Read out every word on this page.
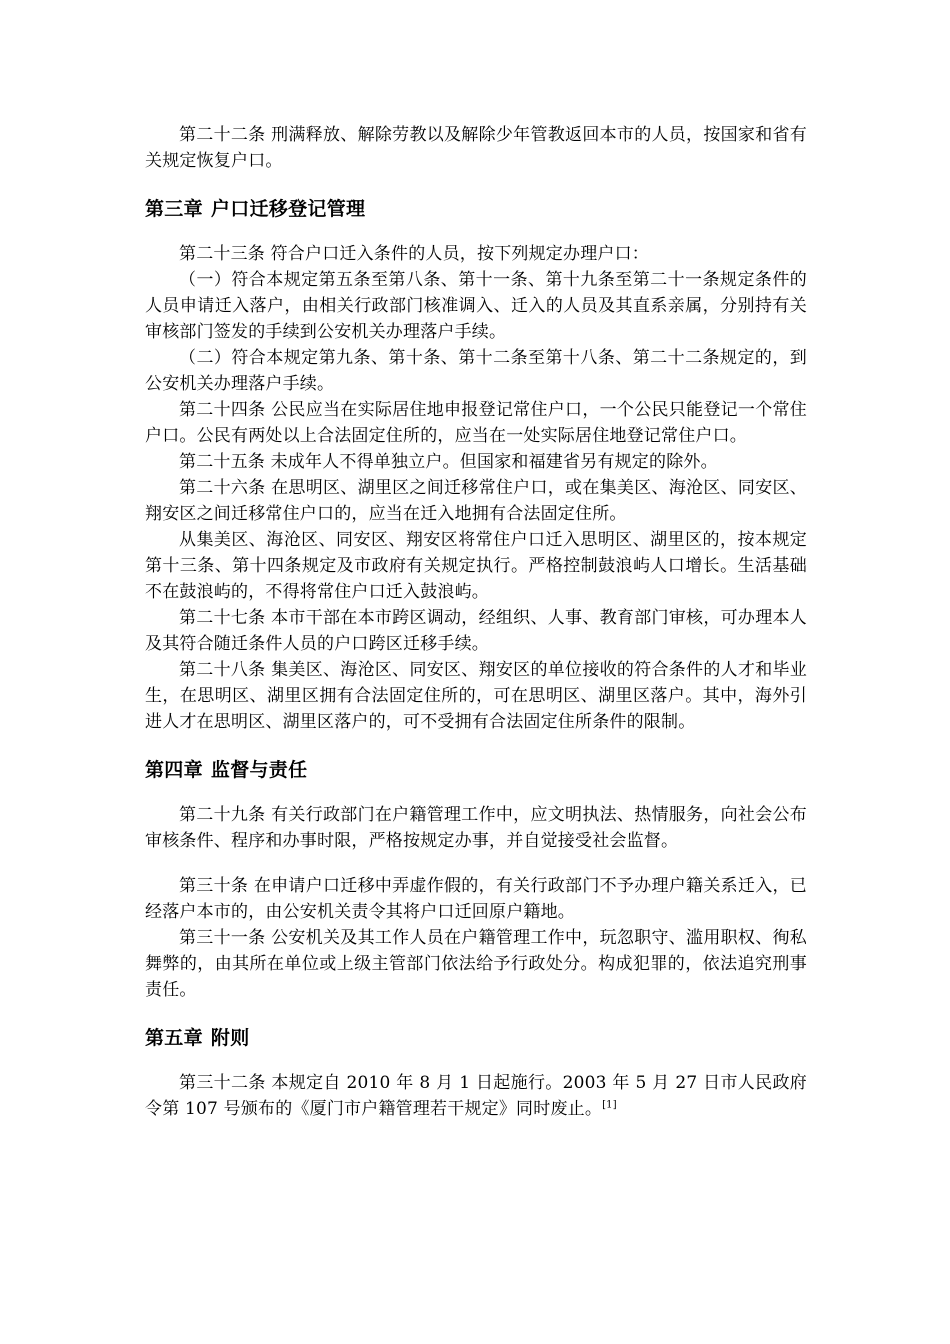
第二十二条 刑满释放、解除劳教以及解除少年管教返回本市的人员，按国家和省有关规定恢复户口。

第三章 户口迁移登记管理

第二十三条 符合户口迁入条件的人员，按下列规定办理户口：

（一）符合本规定第五条至第八条、第十一条、第十九条至第二十一条规定条件的人员申请迁入落户，由相关行政部门核准调入、迁入的人员及其直系亲属，分别持有关审核部门签发的手续到公安机关办理落户手续。

（二）符合本规定第九条、第十条、第十二条至第十八条、第二十二条规定的，到公安机关办理落户手续。

第二十四条 公民应当在实际居住地申报登记常住户口，一个公民只能登记一个常住户口。公民有两处以上合法固定住所的，应当在一处实际居住地登记常住户口。

第二十五条 未成年人不得单独立户。但国家和福建省另有规定的除外。

第二十六条 在思明区、湖里区之间迁移常住户口，或在集美区、海沧区、同安区、翔安区之间迁移常住户口的，应当在迁入地拥有合法固定住所。

从集美区、海沧区、同安区、翔安区将常住户口迁入思明区、湖里区的，按本规定第十三条、第十四条规定及市政府有关规定执行。严格控制鼓浪屿人口增长。生活基础不在鼓浪屿的，不得将常住户口迁入鼓浪屿。

第二十七条 本市干部在本市跨区调动，经组织、人事、教育部门审核，可办理本人及其符合随迁条件人员的户口跨区迁移手续。

第二十八条 集美区、海沧区、同安区、翔安区的单位接收的符合条件的人才和毕业生，在思明区、湖里区拥有合法固定住所的，可在思明区、湖里区落户。其中，海外引进人才在思明区、湖里区落户的，可不受拥有合法固定住所条件的限制。

第四章 监督与责任

第二十九条 有关行政部门在户籍管理工作中，应文明执法、热情服务，向社会公布审核条件、程序和办事时限，严格按规定办事，并自觉接受社会监督。

第三十条 在申请户口迁移中弄虚作假的，有关行政部门不予办理户籍关系迁入，已经落户本市的，由公安机关责令其将户口迁回原户籍地。

第三十一条 公安机关及其工作人员在户籍管理工作中，玩忽职守、滥用职权、徇私舞弊的，由其所在单位或上级主管部门依法给予行政处分。构成犯罪的，依法追究刑事责任。

第五章 附则

第三十二条 本规定自 2010 年 8 月 1 日起施行。2003 年 5 月 27 日市人民政府令第 107 号颁布的《厦门市户籍管理若干规定》同时废止。[1]
